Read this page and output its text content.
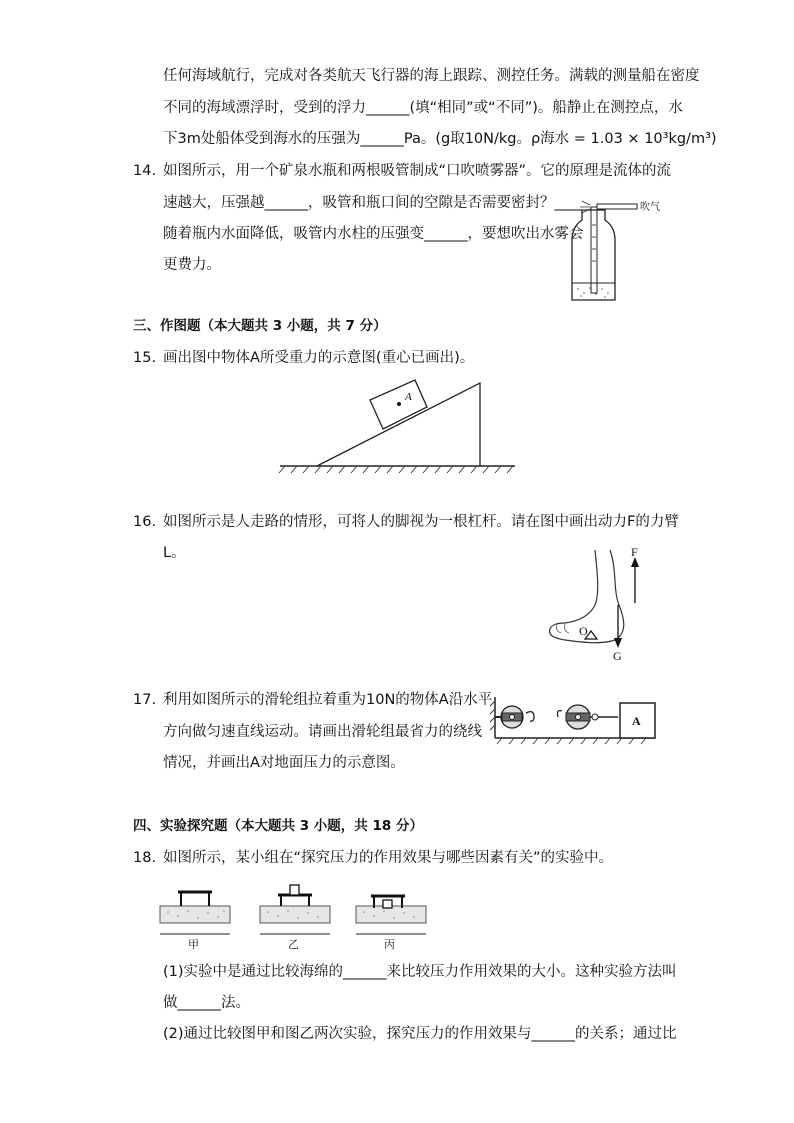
任何海域航行，完成对各类航天飞行器的海上跟踪、测控任务。满载的测量船在密度
不同的海域漂浮时，受到的浮力______(填“相同”或“不同”)。船静止在测控点，水
下3m处船体受到海水的压强为______Pa。(g取10N/kg。ρ海水 = 1.03 × 10³kg/m³)
14. 如图所示，用一个矿泉水瓶和两根吸管制成“口吹喷雾器”。它的原理是流体的流
速越大，压强越______，吸管和瓶口间的空隙是否需要密封？______
随着瓶内水面降低，吸管内水柱的压强变______，要想吹出水雾会
更费力。
吹气
三、作图题（本大题共 3 小题，共 7 分）
15. 画出图中物体A所受重力的示意图(重心已画出)。
A
16. 如图所示是人走路的情形，可将人的脚视为一根杠杆。请在图中画出动力F的力臂
L。	F
O
G
17. 利用如图所示的滑轮组拉着重为10N的物体A沿水平
方向做匀速直线运动。请画出滑轮组最省力的绕线
情况，并画出A对地面压力的示意图。
A
四、实验探究题（本大题共 3 小题，共 18 分）
18. 如图所示，某小组在“探究压力的作用效果与哪些因素有关”的实验中。
甲	乙	丙
(1)实验中是通过比较海绵的______来比较压力作用效果的大小。这种实验方法叫
做______法。
(2)通过比较图甲和图乙两次实验，探究压力的作用效果与______的关系；通过比
